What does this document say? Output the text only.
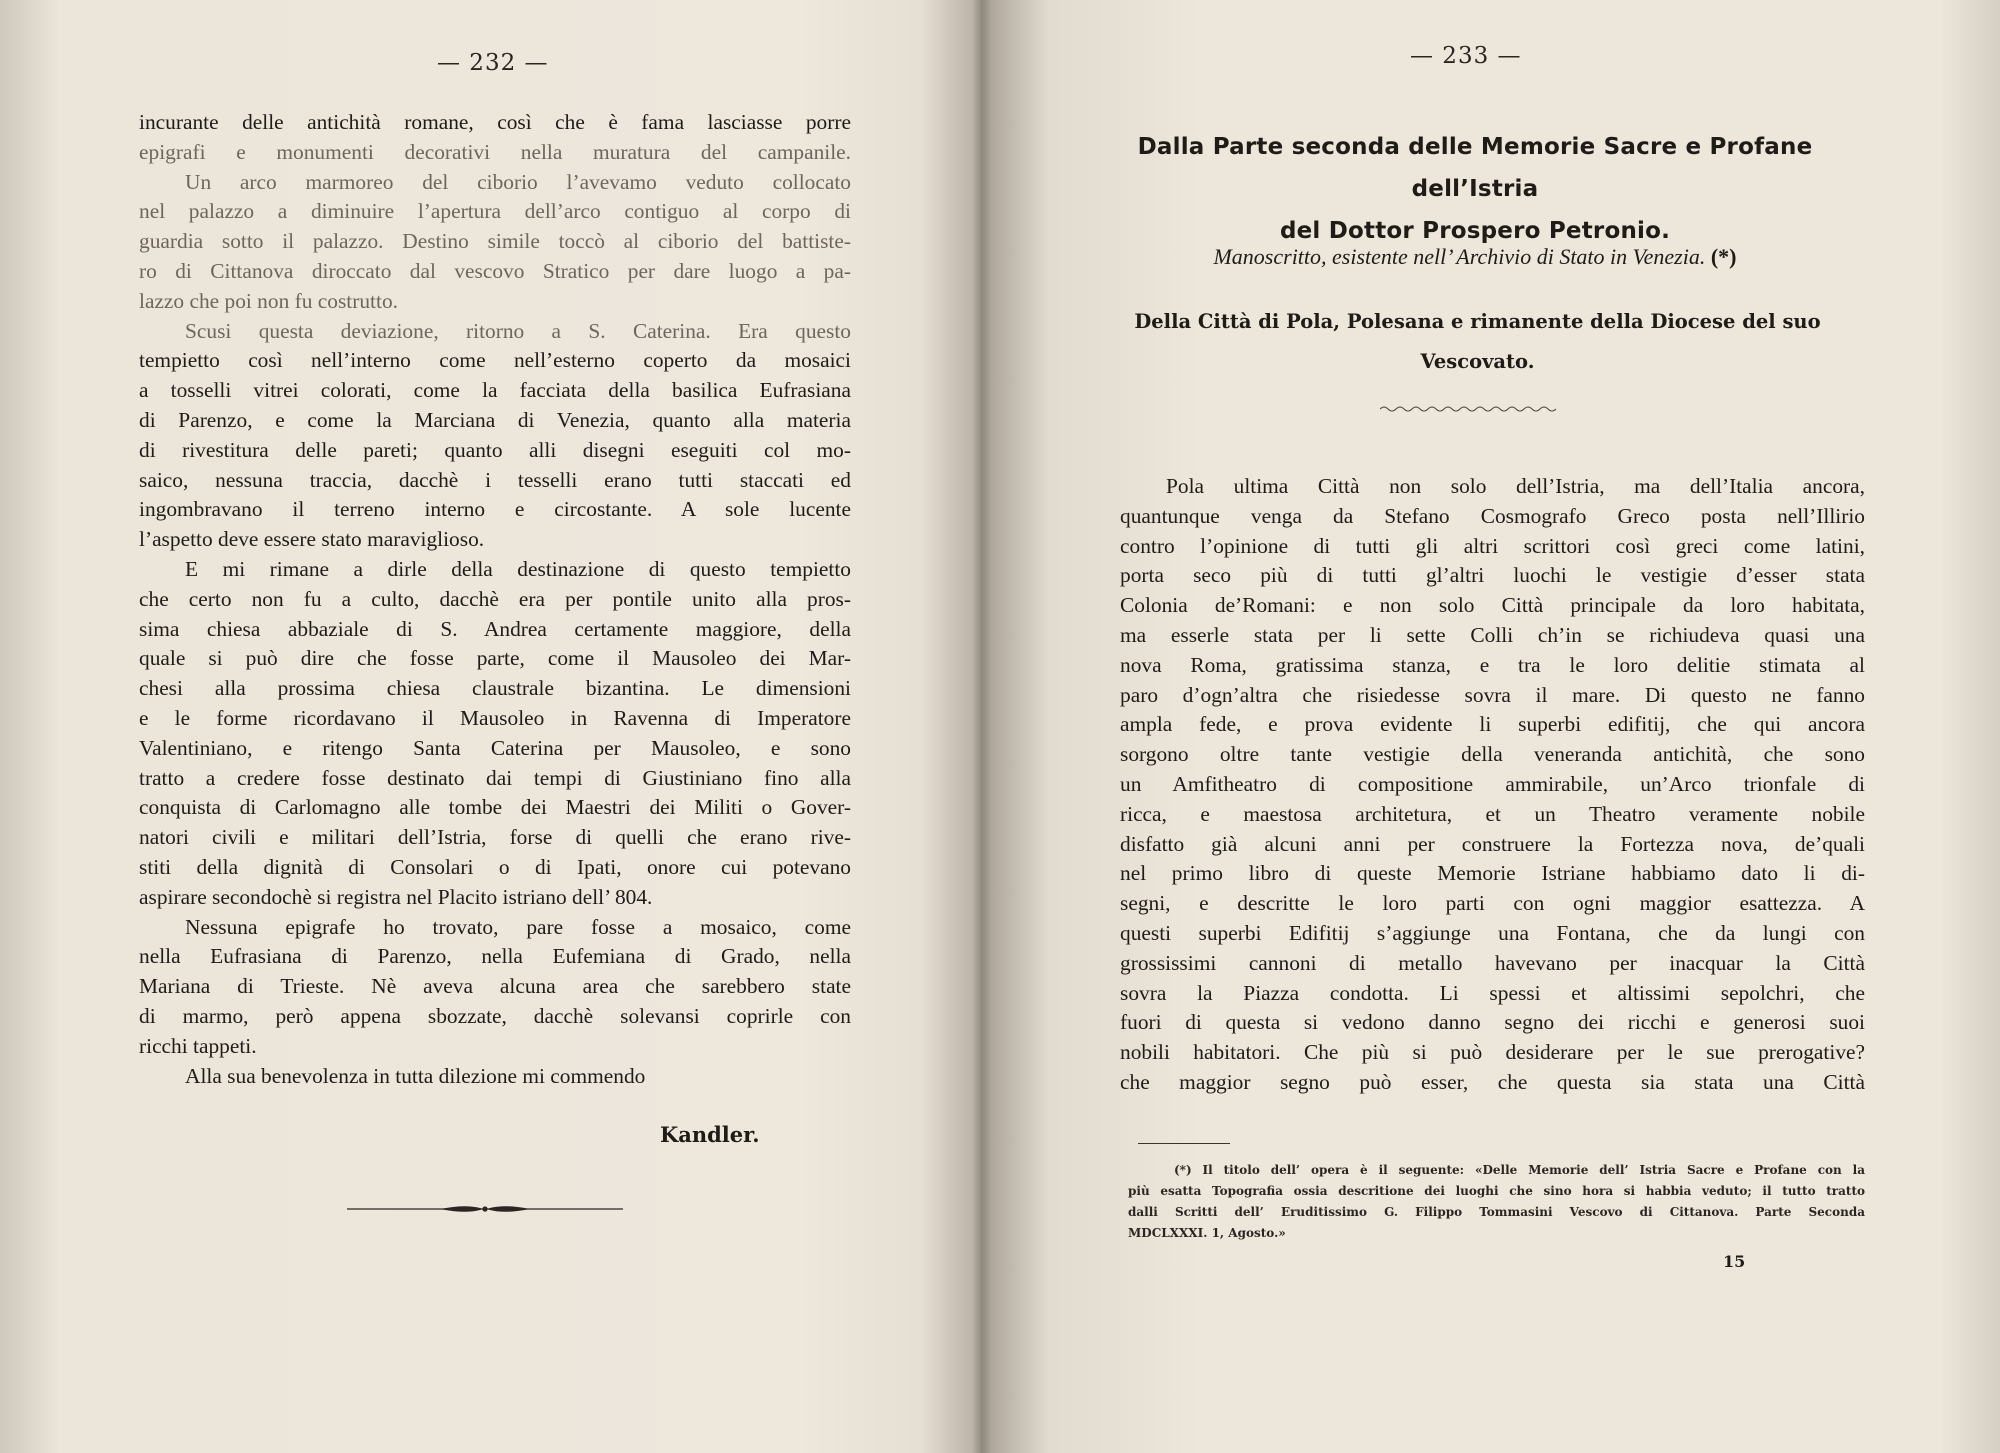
— 232 —
incurante delle antichità romane, così che è fama lasciasse porre
epigrafi e monumenti decorativi nella muratura del campanile.
Un arco marmoreo del ciborio l’avevamo veduto collocato
nel palazzo a diminuire l’apertura dell’arco contiguo al corpo di
guardia sotto il palazzo. Destino simile toccò al ciborio del battiste-
ro di Cittanova diroccato dal vescovo Straticο per dare luogo a pa-
lazzo che poi non fu costrutto.
Scusi questa deviazione, ritorno a S. Caterina. Era questo
tempietto così nell’interno come nell’esterno coperto da mosaici
a tosselli vitrei colorati, come la facciata della basilica Eufrasiana
di Parenzo, e come la Marciana di Venezia, quanto alla materia
di rivestitura delle pareti; quanto alli disegni eseguiti col mo-
saico, nessuna traccia, dacchè i tesselli erano tutti staccati ed
ingombravano il terreno interno e circostante. A sole lucente
l’aspetto deve essere stato maraviglioso.
E mi rimane a dirle della destinazione di questo tempietto
che certo non fu a culto, dacchè era per pontile unito alla pros-
sima chiesa abbaziale di S. Andrea certamente maggiore, della
quale si può dire che fosse parte, come il Mausoleo dei Mar-
chesi alla prossima chiesa claustrale bizantina. Le dimensioni
e le forme ricordavano il Mausoleo in Ravenna di Imperatore
Valentiniano, e ritengo Santa Caterina per Mausoleo, e sono
tratto a credere fosse destinato dai tempi di Giustiniano fino alla
conquista di Carlomagno alle tombe dei Maestri dei Militi o Gover-
natori civili e militari dell’Istria, forse di quelli che erano rive-
stiti della dignità di Consolari o di Ipati, onore cui potevano
aspirare secondochè si registra nel Placito istriano dell’ 804.
Nessuna epigrafe ho trovato, pare fosse a mosaico, come
nella Eufrasiana di Parenzo, nella Eufemiana di Grado, nella
Mariana di Trieste. Nè aveva alcuna area che sarebbero state
di marmo, però appena sbozzate, dacchè solevansi coprirle con
ricchi tappeti.
Alla sua benevolenza in tutta dilezione mi commendo
Kandler.
— 233 —
Dalla Parte seconda delle Memorie Sacre e Profane dell’Istria
del Dottor Prospero Petronio.
Manoscritto, esistente nell’ Archivio di Stato in Venezia. (*)
Della Città di Pola, Polesana e rimanente della Diocese del suo
Vescovato.
Pola ultima Città non solo dell’Istria, ma dell’Italia ancora,
quantunque venga da Stefano Cosmografo Greco posta nell’Illirio
contro l’opinione di tutti gli altri scrittori così greci come latini,
porta seco più di tutti gl’altri luochi le vestigie d’esser stata
Colonia de’Romani: e non solo Città principale da loro habitata,
ma esserle stata per li sette Colli ch’in se richiudeva quasi una
nova Roma, gratissima stanza, e tra le loro delitie stimata al
paro d’ogn’altra che risiedesse sovra il mare. Di questo ne fanno
ampla fede, e prova evidente li superbi edifitij, che qui ancora
sorgono oltre tante vestigie della veneranda antichità, che sono
un Amfitheatro di compositione ammirabile, un’Arco trionfale di
ricca, e maestosa architetura, et un Theatro veramente nobile
disfatto già alcuni anni per construere la Fortezza nova, de’quali
nel primo libro di queste Memorie Istriane habbiamo dato li di-
segni, e descritte le loro parti con ogni maggior esattezza. A
questi superbi Edifitij s’aggiunge una Fontana, che da lungi con
grossissimi cannoni di metallo havevano per inacquar la Città
sovra la Piazza condotta. Li spessi et altissimi sepolchri, che
fuori di questa si vedono danno segno dei ricchi e generosi suoi
nobili habitatori. Che più si può desiderare per le sue prerogative?
che maggior segno può esser, che questa sia stata una Città
(*) Il titolo dell’ opera è il seguente: «Delle Memorie dell’ Istria Sacre e Profane con la
più esatta Topografia ossia descritione dei luoghi che sino hora si habbia veduto; il tutto tratto
dalli Scritti dell’ Eruditissimo G. Filippo Tommasini Vescovo di Cittanova. Parte Seconda
MDCLXXXI. 1, Agosto.»
15
